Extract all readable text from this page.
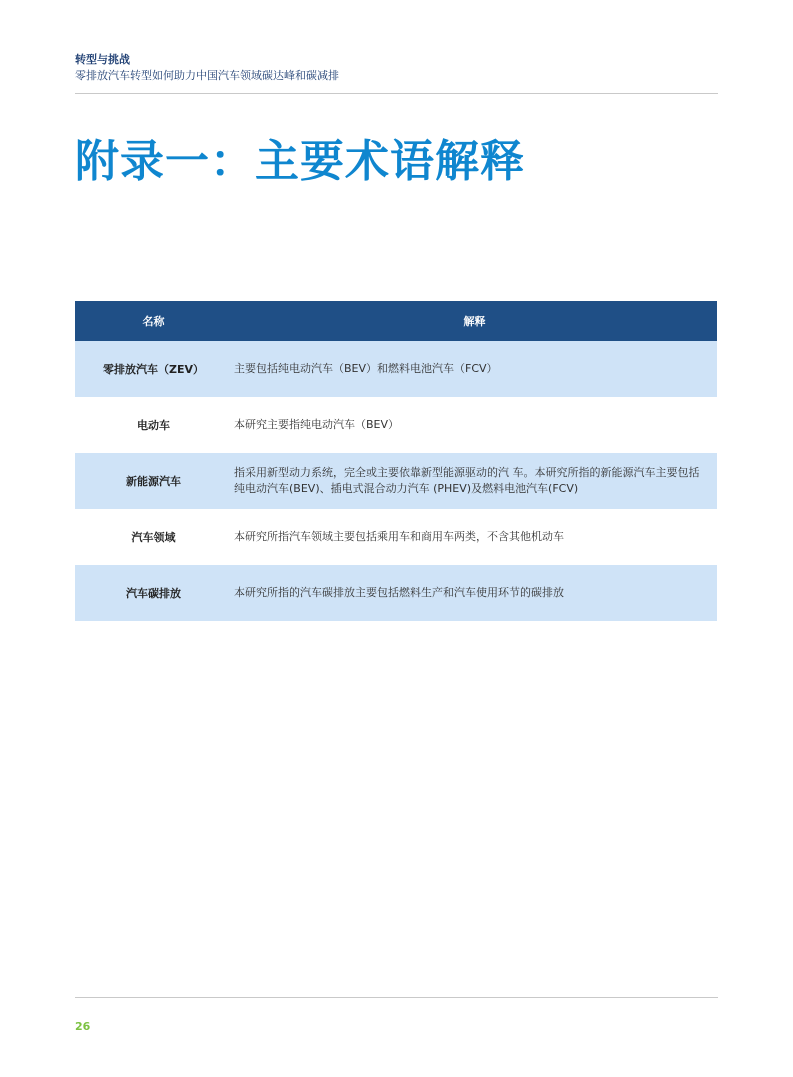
转型与挑战
零排放汽车转型如何助力中国汽车领域碳达峰和碳减排
附录一：主要术语解释
名称	解释
零排放汽车（ZEV）	主要包括纯电动汽车（BEV）和燃料电池汽车（FCV）
电动车	本研究主要指纯电动汽车（BEV）
新能源汽车	指采用新型动力系统，完全或主要依靠新型能源驱动的汽 车。本研究所指的新能源汽车主要包括纯电动汽车(BEV)、插电式混合动力汽车 (PHEV)及燃料电池汽车(FCV)
汽车领域	本研究所指汽车领域主要包括乘用车和商用车两类，不含其他机动车
汽车碳排放	本研究所指的汽车碳排放主要包括燃料生产和汽车使用环节的碳排放
26
